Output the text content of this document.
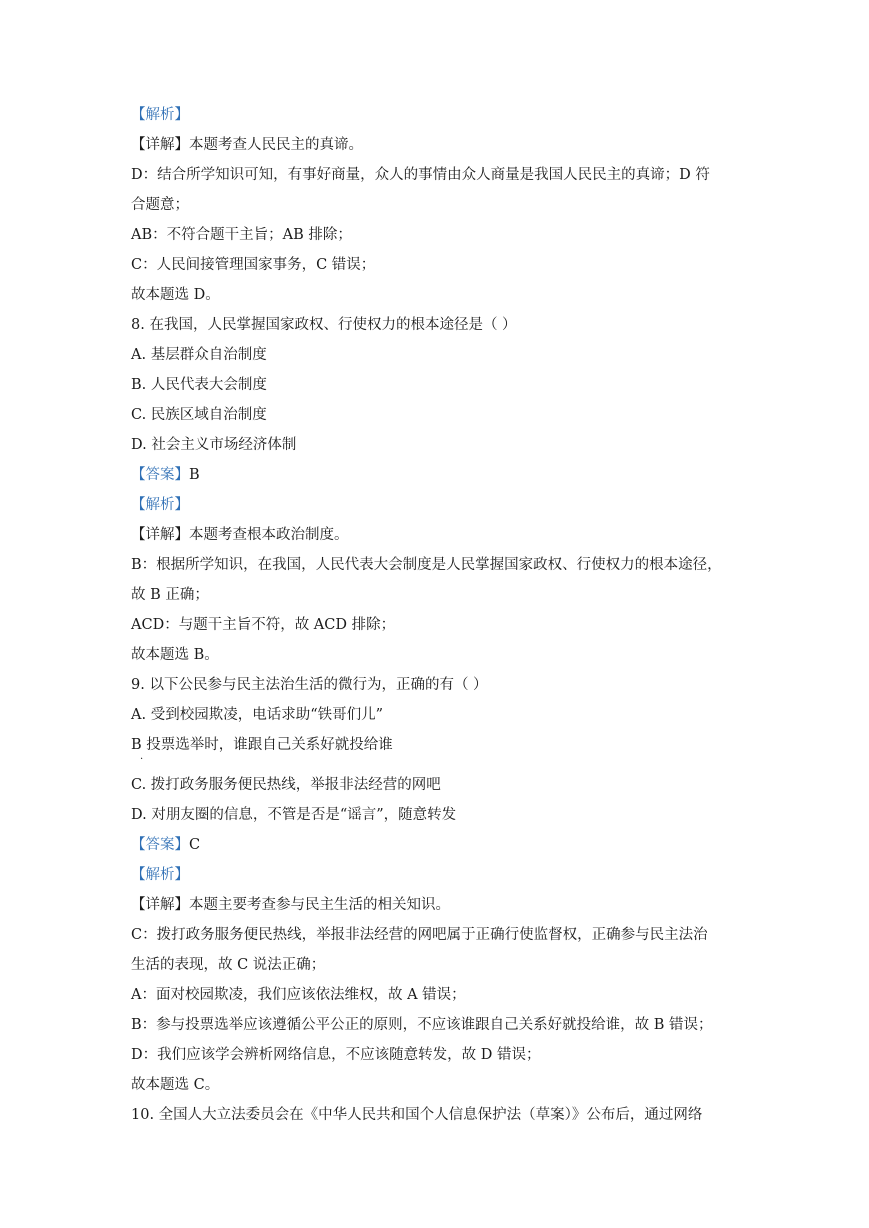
【解析】
【详解】本题考查人民民主的真谛。
D：结合所学知识可知，有事好商量，众人的事情由众人商量是我国人民民主的真谛；D 符
合题意；
AB：不符合题干主旨；AB 排除；
C：人民间接管理国家事务，C 错误；
故本题选 D。
8. 在我国，人民掌握国家政权、行使权力的根本途径是（ ）
A. 基层群众自治制度
B. 人民代表大会制度
C. 民族区域自治制度
D. 社会主义市场经济体制
【答案】B
【解析】
【详解】本题考查根本政治制度。
B：根据所学知识，在我国，人民代表大会制度是人民掌握国家政权、行使权力的根本途径，
故 B 正确；
ACD：与题干主旨不符，故 ACD 排除；
故本题选 B。
9. 以下公民参与民主法治生活的微行为，正确的有（ ）
A. 受到校园欺凌，电话求助“铁哥们儿”
B 投票选举时，谁跟自己关系好就投给谁
.
C. 拨打政务服务便民热线，举报非法经营的网吧
D. 对朋友圈的信息，不管是否是“谣言”，随意转发
【答案】C
【解析】
【详解】本题主要考查参与民主生活的相关知识。
C：拨打政务服务便民热线，举报非法经营的网吧属于正确行使监督权，正确参与民主法治
生活的表现，故 C 说法正确；
A：面对校园欺凌，我们应该依法维权，故 A 错误；
B：参与投票选举应该遵循公平公正的原则，不应该谁跟自己关系好就投给谁，故 B 错误；
D：我们应该学会辨析网络信息，不应该随意转发，故 D 错误；
故本题选 C。
10. 全国人大立法委员会在《中华人民共和国个人信息保护法（草案）》公布后，通过网络
